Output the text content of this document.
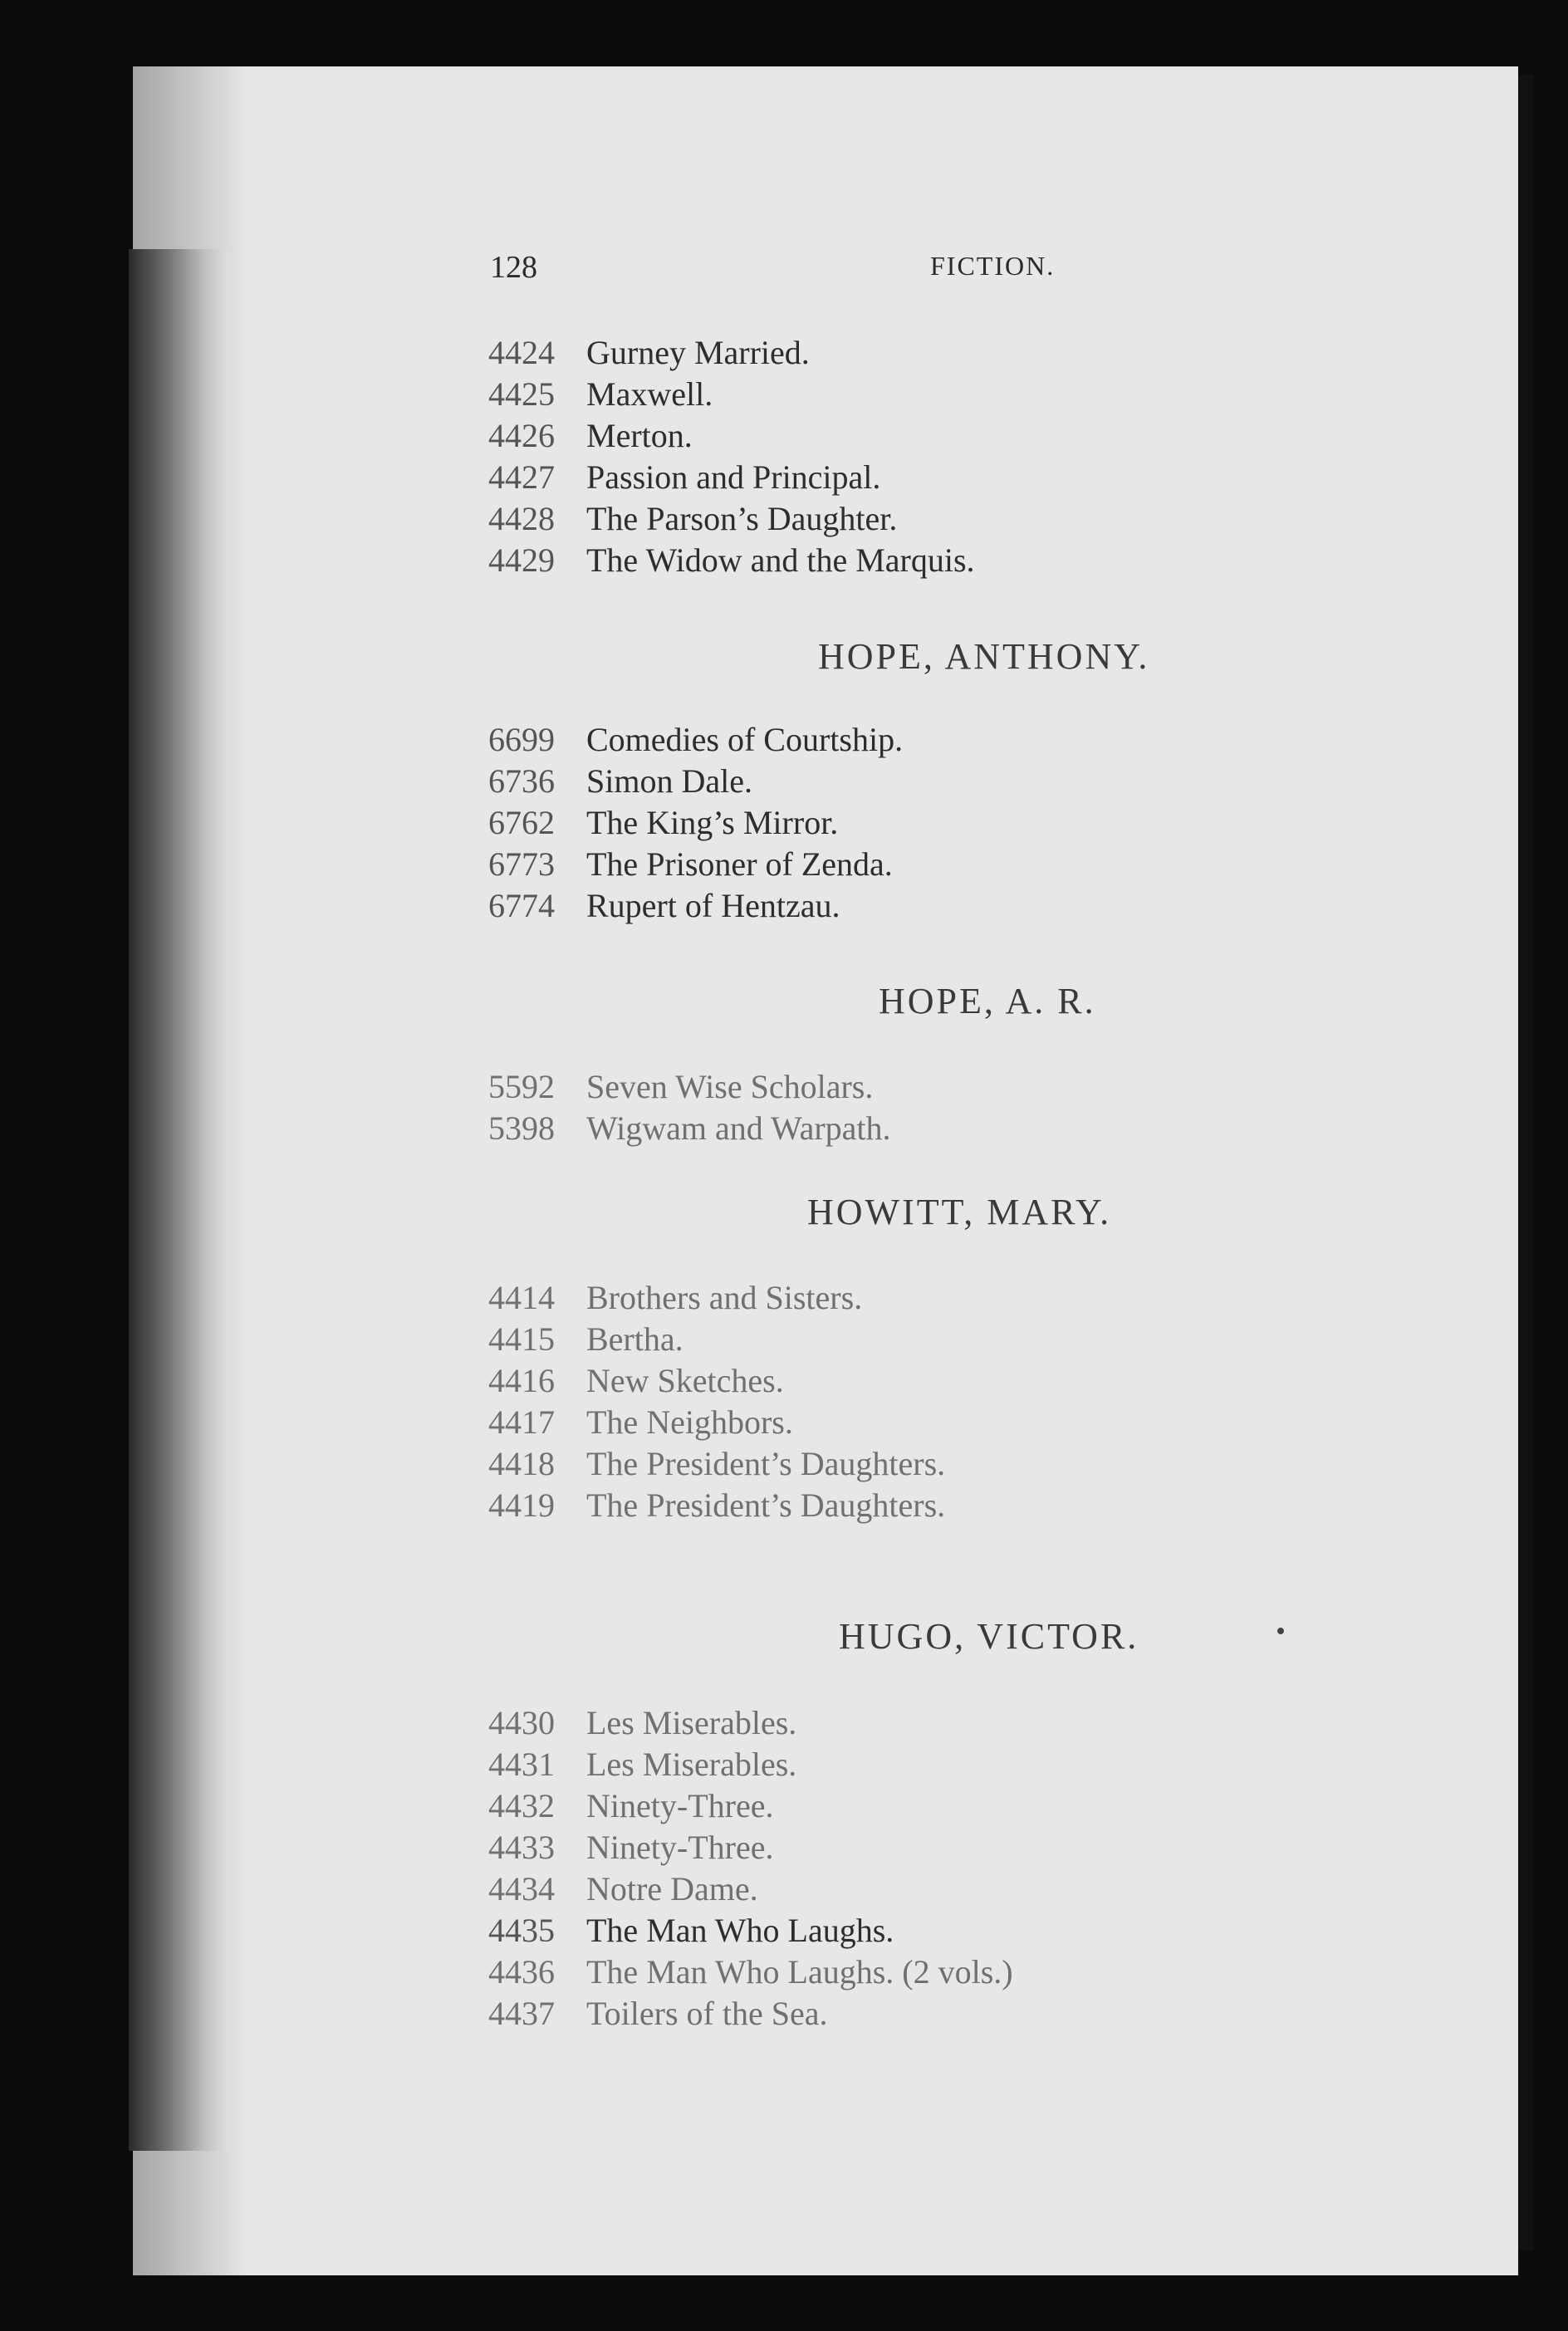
128	FICTION.
4424 Gurney Married.
4425 Maxwell.
4426 Merton.
4427 Passion and Principal.
4428 The Parson’s Daughter.
4429 The Widow and the Marquis.
HOPE, ANTHONY.
6699 Comedies of Courtship.
6736 Simon Dale.
6762 The King’s Mirror.
6773 The Prisoner of Zenda.
6774 Rupert of Hentzau.
HOPE, A. R.
5592 Seven Wise Scholars.
5398 Wigwam and Warpath.
HOWITT, MARY.
4414 Brothers and Sisters.
4415 Bertha.
4416 New Sketches.
4417 The Neighbors.
4418 The President’s Daughters.
4419 The President’s Daughters.
HUGO, VICTOR.
4430 Les Miserables.
4431 Les Miserables.
4432 Ninety-Three.
4433 Ninety-Three.
4434 Notre Dame.
4435 The Man Who Laughs.
4436 The Man Who Laughs. (2 vols.)
4437 Toilers of the Sea.
